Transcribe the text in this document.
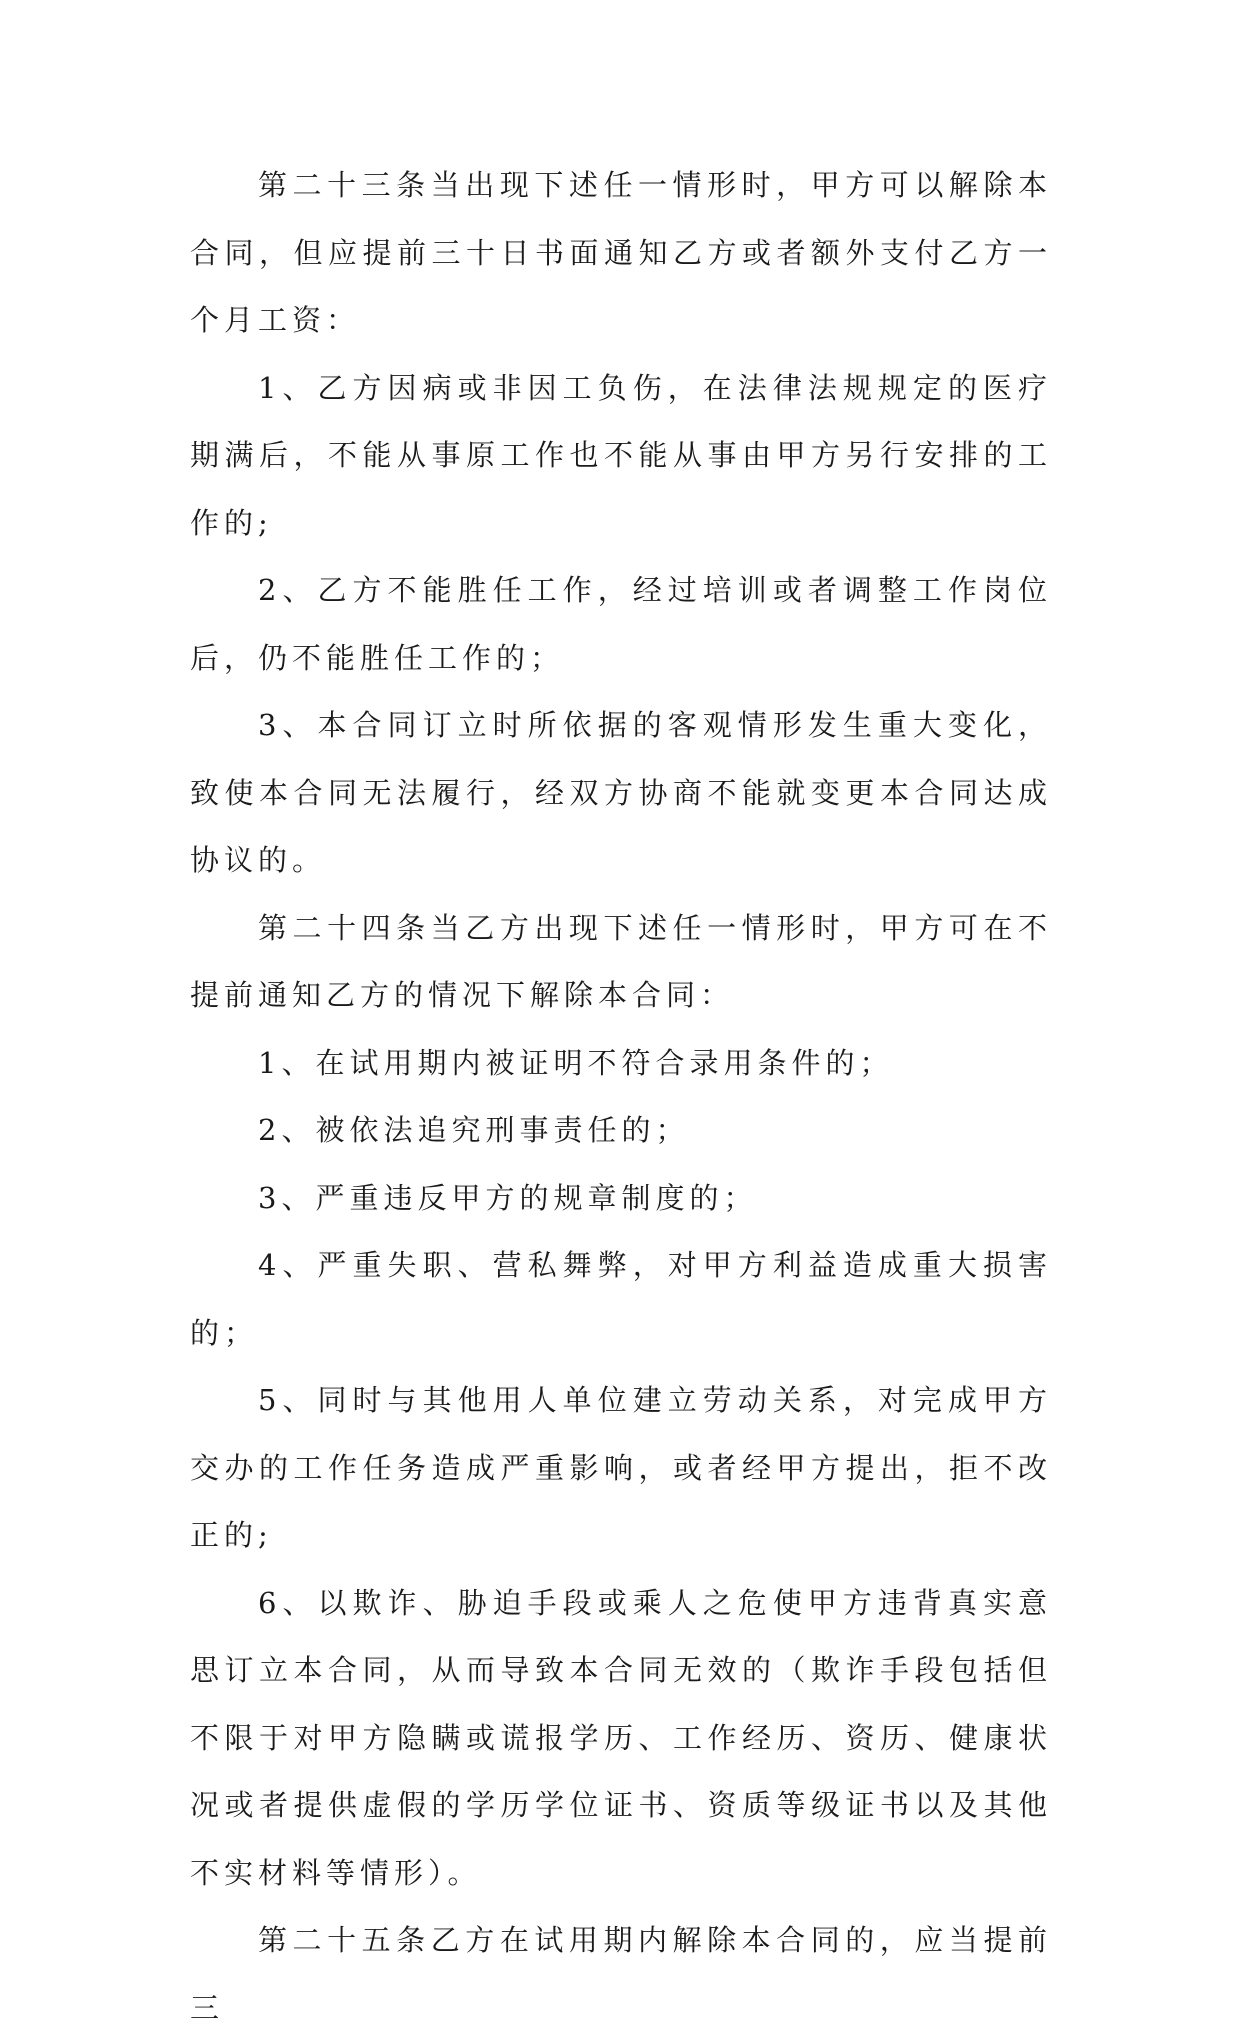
第二十三条当出现下述任一情形时，甲方可以解除本合同，但应提前三十日书面通知乙方或者额外支付乙方一个月工资：

1、乙方因病或非因工负伤，在法律法规规定的医疗期满后，不能从事原工作也不能从事由甲方另行安排的工作的;

2、乙方不能胜任工作，经过培训或者调整工作岗位后，仍不能胜任工作的；

3、本合同订立时所依据的客观情形发生重大变化，致使本合同无法履行，经双方协商不能就变更本合同达成协议的。

第二十四条当乙方出现下述任一情形时，甲方可在不提前通知乙方的情况下解除本合同：

1、在试用期内被证明不符合录用条件的；

2、被依法追究刑事责任的；

3、严重违反甲方的规章制度的；

4、严重失职、营私舞弊，对甲方利益造成重大损害的；

5、同时与其他用人单位建立劳动关系，对完成甲方交办的工作任务造成严重影响，或者经甲方提出，拒不改正的;

6、以欺诈、胁迫手段或乘人之危使甲方违背真实意思订立本合同，从而导致本合同无效的（欺诈手段包括但不限于对甲方隐瞒或谎报学历、工作经历、资历、健康状况或者提供虚假的学历学位证书、资质等级证书以及其他不实材料等情形）。

第二十五条乙方在试用期内解除本合同的，应当提前三
